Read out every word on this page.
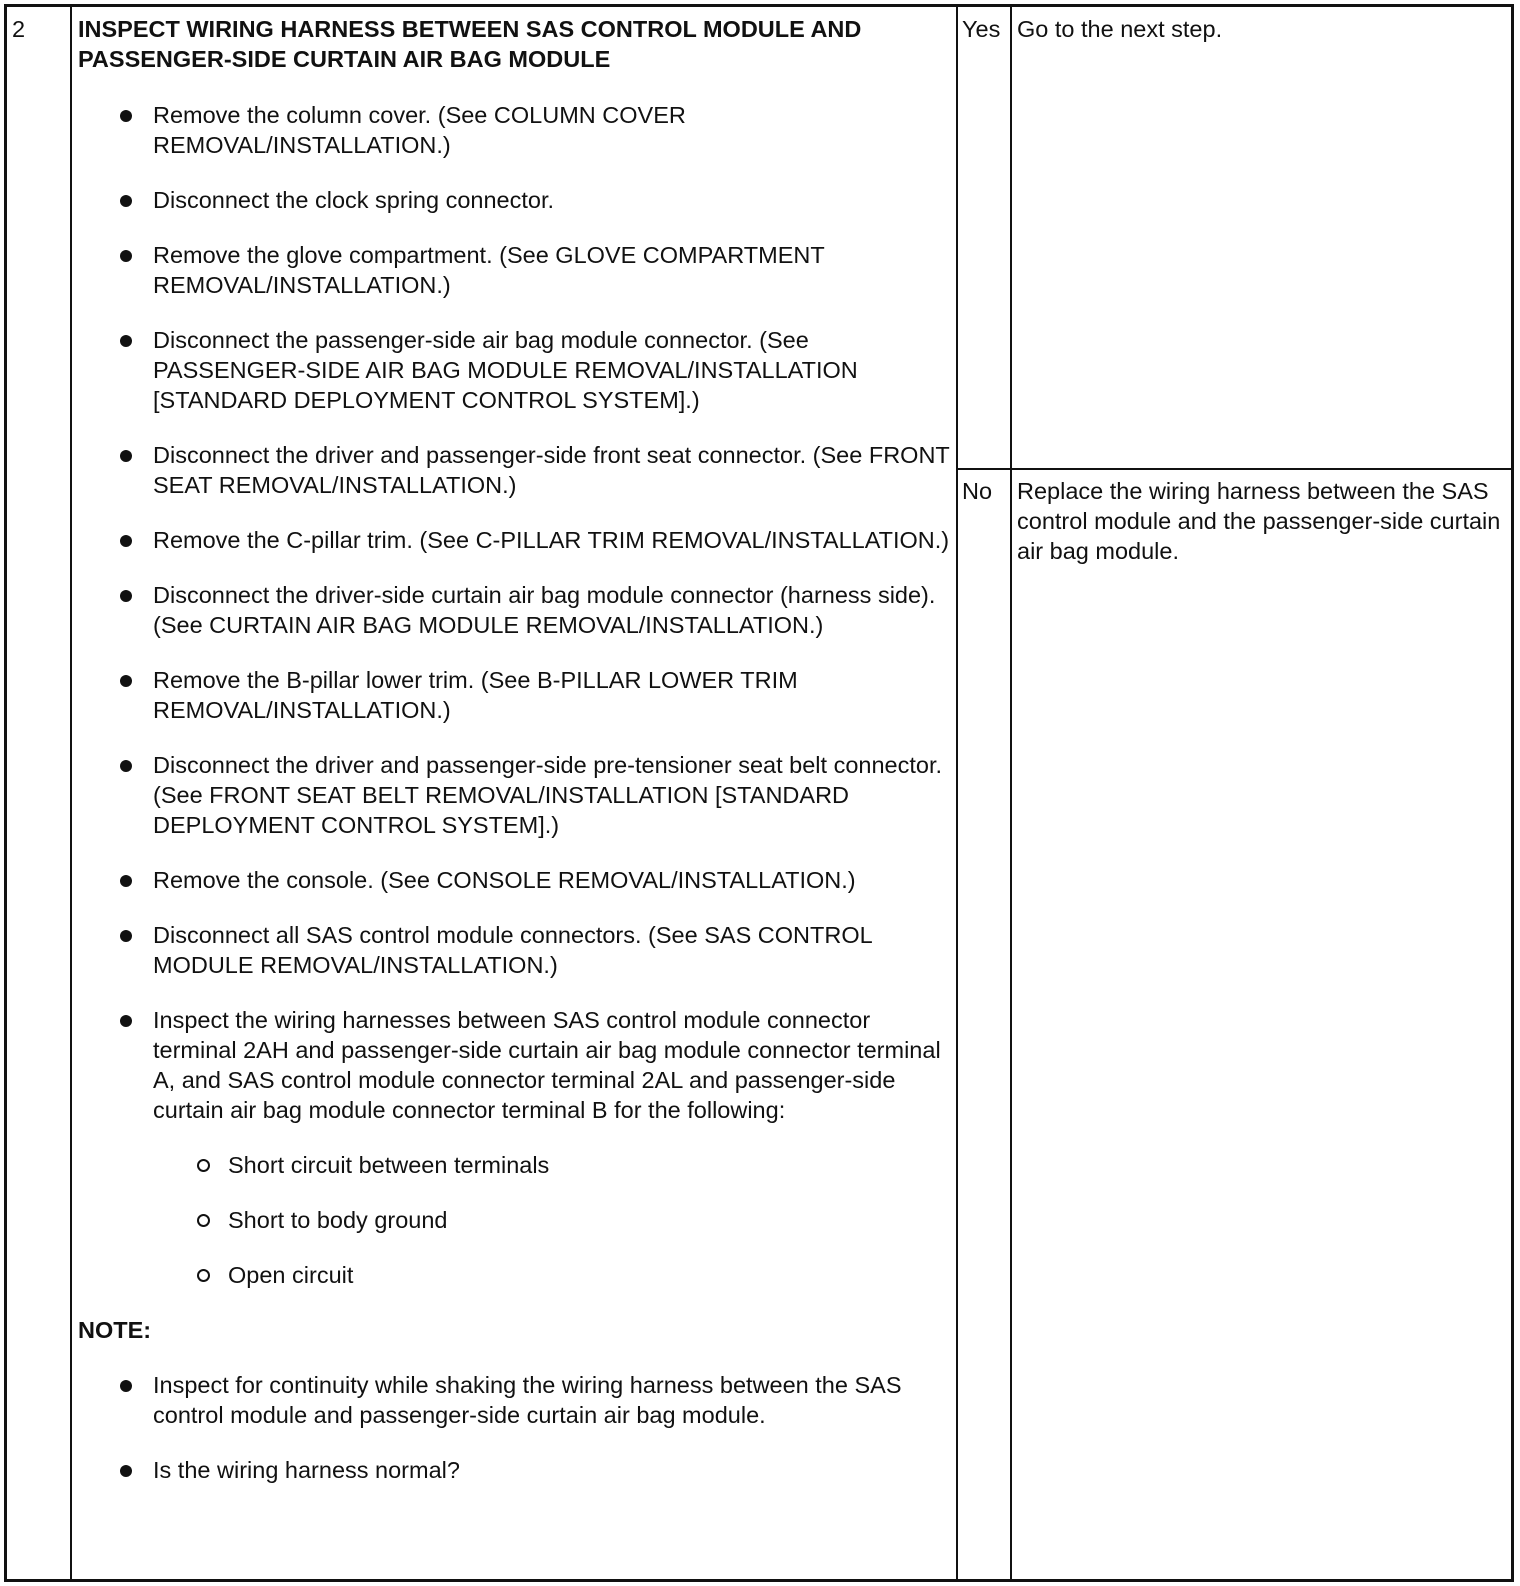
2 INSPECT WIRING HARNESS BETWEEN SAS CONTROL MODULE AND PASSENGER-SIDE CURTAIN AIR BAG MODULE
Remove the column cover. (See COLUMN COVER REMOVAL/INSTALLATION.)
Disconnect the clock spring connector.
Remove the glove compartment. (See GLOVE COMPARTMENT REMOVAL/INSTALLATION.)
Disconnect the passenger-side air bag module connector. (See PASSENGER-SIDE AIR BAG MODULE REMOVAL/INSTALLATION [STANDARD DEPLOYMENT CONTROL SYSTEM].)
Disconnect the driver and passenger-side front seat connector. (See FRONT SEAT REMOVAL/INSTALLATION.)
Remove the C-pillar trim. (See C-PILLAR TRIM REMOVAL/INSTALLATION.)
Disconnect the driver-side curtain air bag module connector (harness side). (See CURTAIN AIR BAG MODULE REMOVAL/INSTALLATION.)
Remove the B-pillar lower trim. (See B-PILLAR LOWER TRIM REMOVAL/INSTALLATION.)
Disconnect the driver and passenger-side pre-tensioner seat belt connector. (See FRONT SEAT BELT REMOVAL/INSTALLATION [STANDARD DEPLOYMENT CONTROL SYSTEM].)
Remove the console. (See CONSOLE REMOVAL/INSTALLATION.)
Disconnect all SAS control module connectors. (See SAS CONTROL MODULE REMOVAL/INSTALLATION.)
Inspect the wiring harnesses between SAS control module connector terminal 2AH and passenger-side curtain air bag module connector terminal A, and SAS control module connector terminal 2AL and passenger-side curtain air bag module connector terminal B for the following:
Short circuit between terminals
Short to body ground
Open circuit
NOTE:
Inspect for continuity while shaking the wiring harness between the SAS control module and passenger-side curtain air bag module.
Is the wiring harness normal?
Yes Go to the next step.
No Replace the wiring harness between the SAS control module and the passenger-side curtain air bag module.
